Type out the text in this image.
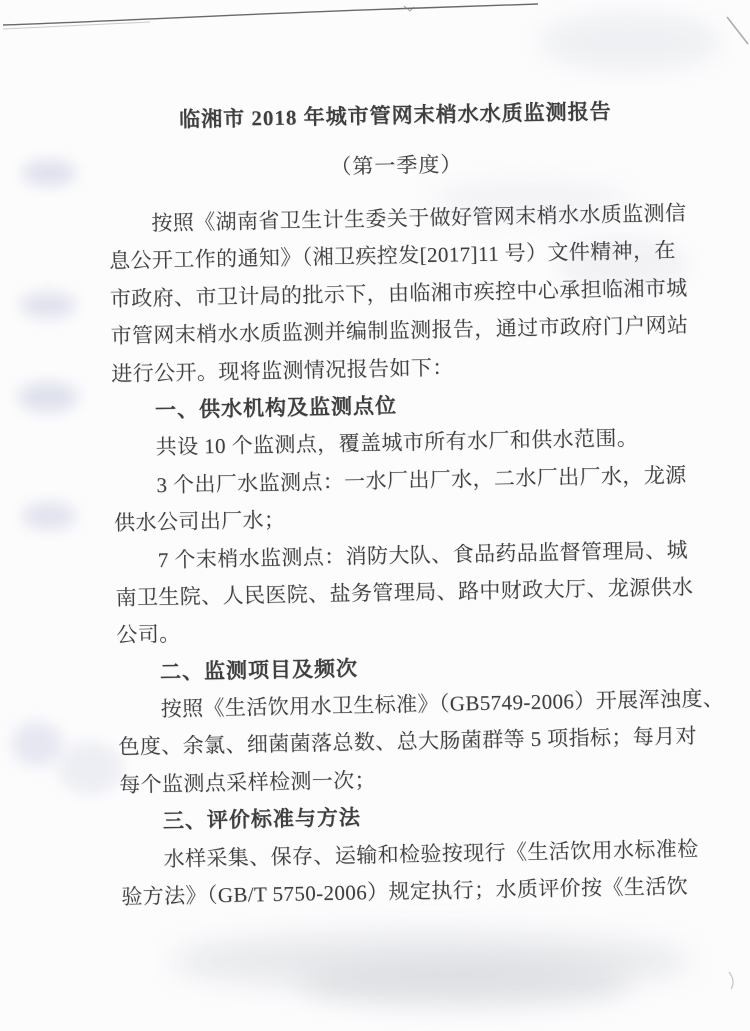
临湘市 2018 年城市管网末梢水水质监测报告
（第一季度）
按照《湖南省卫生计生委关于做好管网末梢水水质监测信
息公开工作的通知》（湘卫疾控发[2017]11 号）文件精神，在
市政府、市卫计局的批示下，由临湘市疾控中心承担临湘市城
市管网末梢水水质监测并编制监测报告，通过市政府门户网站
进行公开。现将监测情况报告如下：
一、供水机构及监测点位
共设 10 个监测点，覆盖城市所有水厂和供水范围。
3 个出厂水监测点：一水厂出厂水，二水厂出厂水，龙源
供水公司出厂水；
7 个末梢水监测点：消防大队、食品药品监督管理局、城
南卫生院、人民医院、盐务管理局、路中财政大厅、龙源供水
公司。
二、监测项目及频次
按照《生活饮用水卫生标准》（GB5749-2006）开展浑浊度、
色度、余氯、细菌菌落总数、总大肠菌群等 5 项指标；每月对
每个监测点采样检测一次；
三、评价标准与方法
水样采集、保存、运输和检验按现行《生活饮用水标准检
验方法》（GB/T 5750-2006）规定执行；水质评价按《生活饮
